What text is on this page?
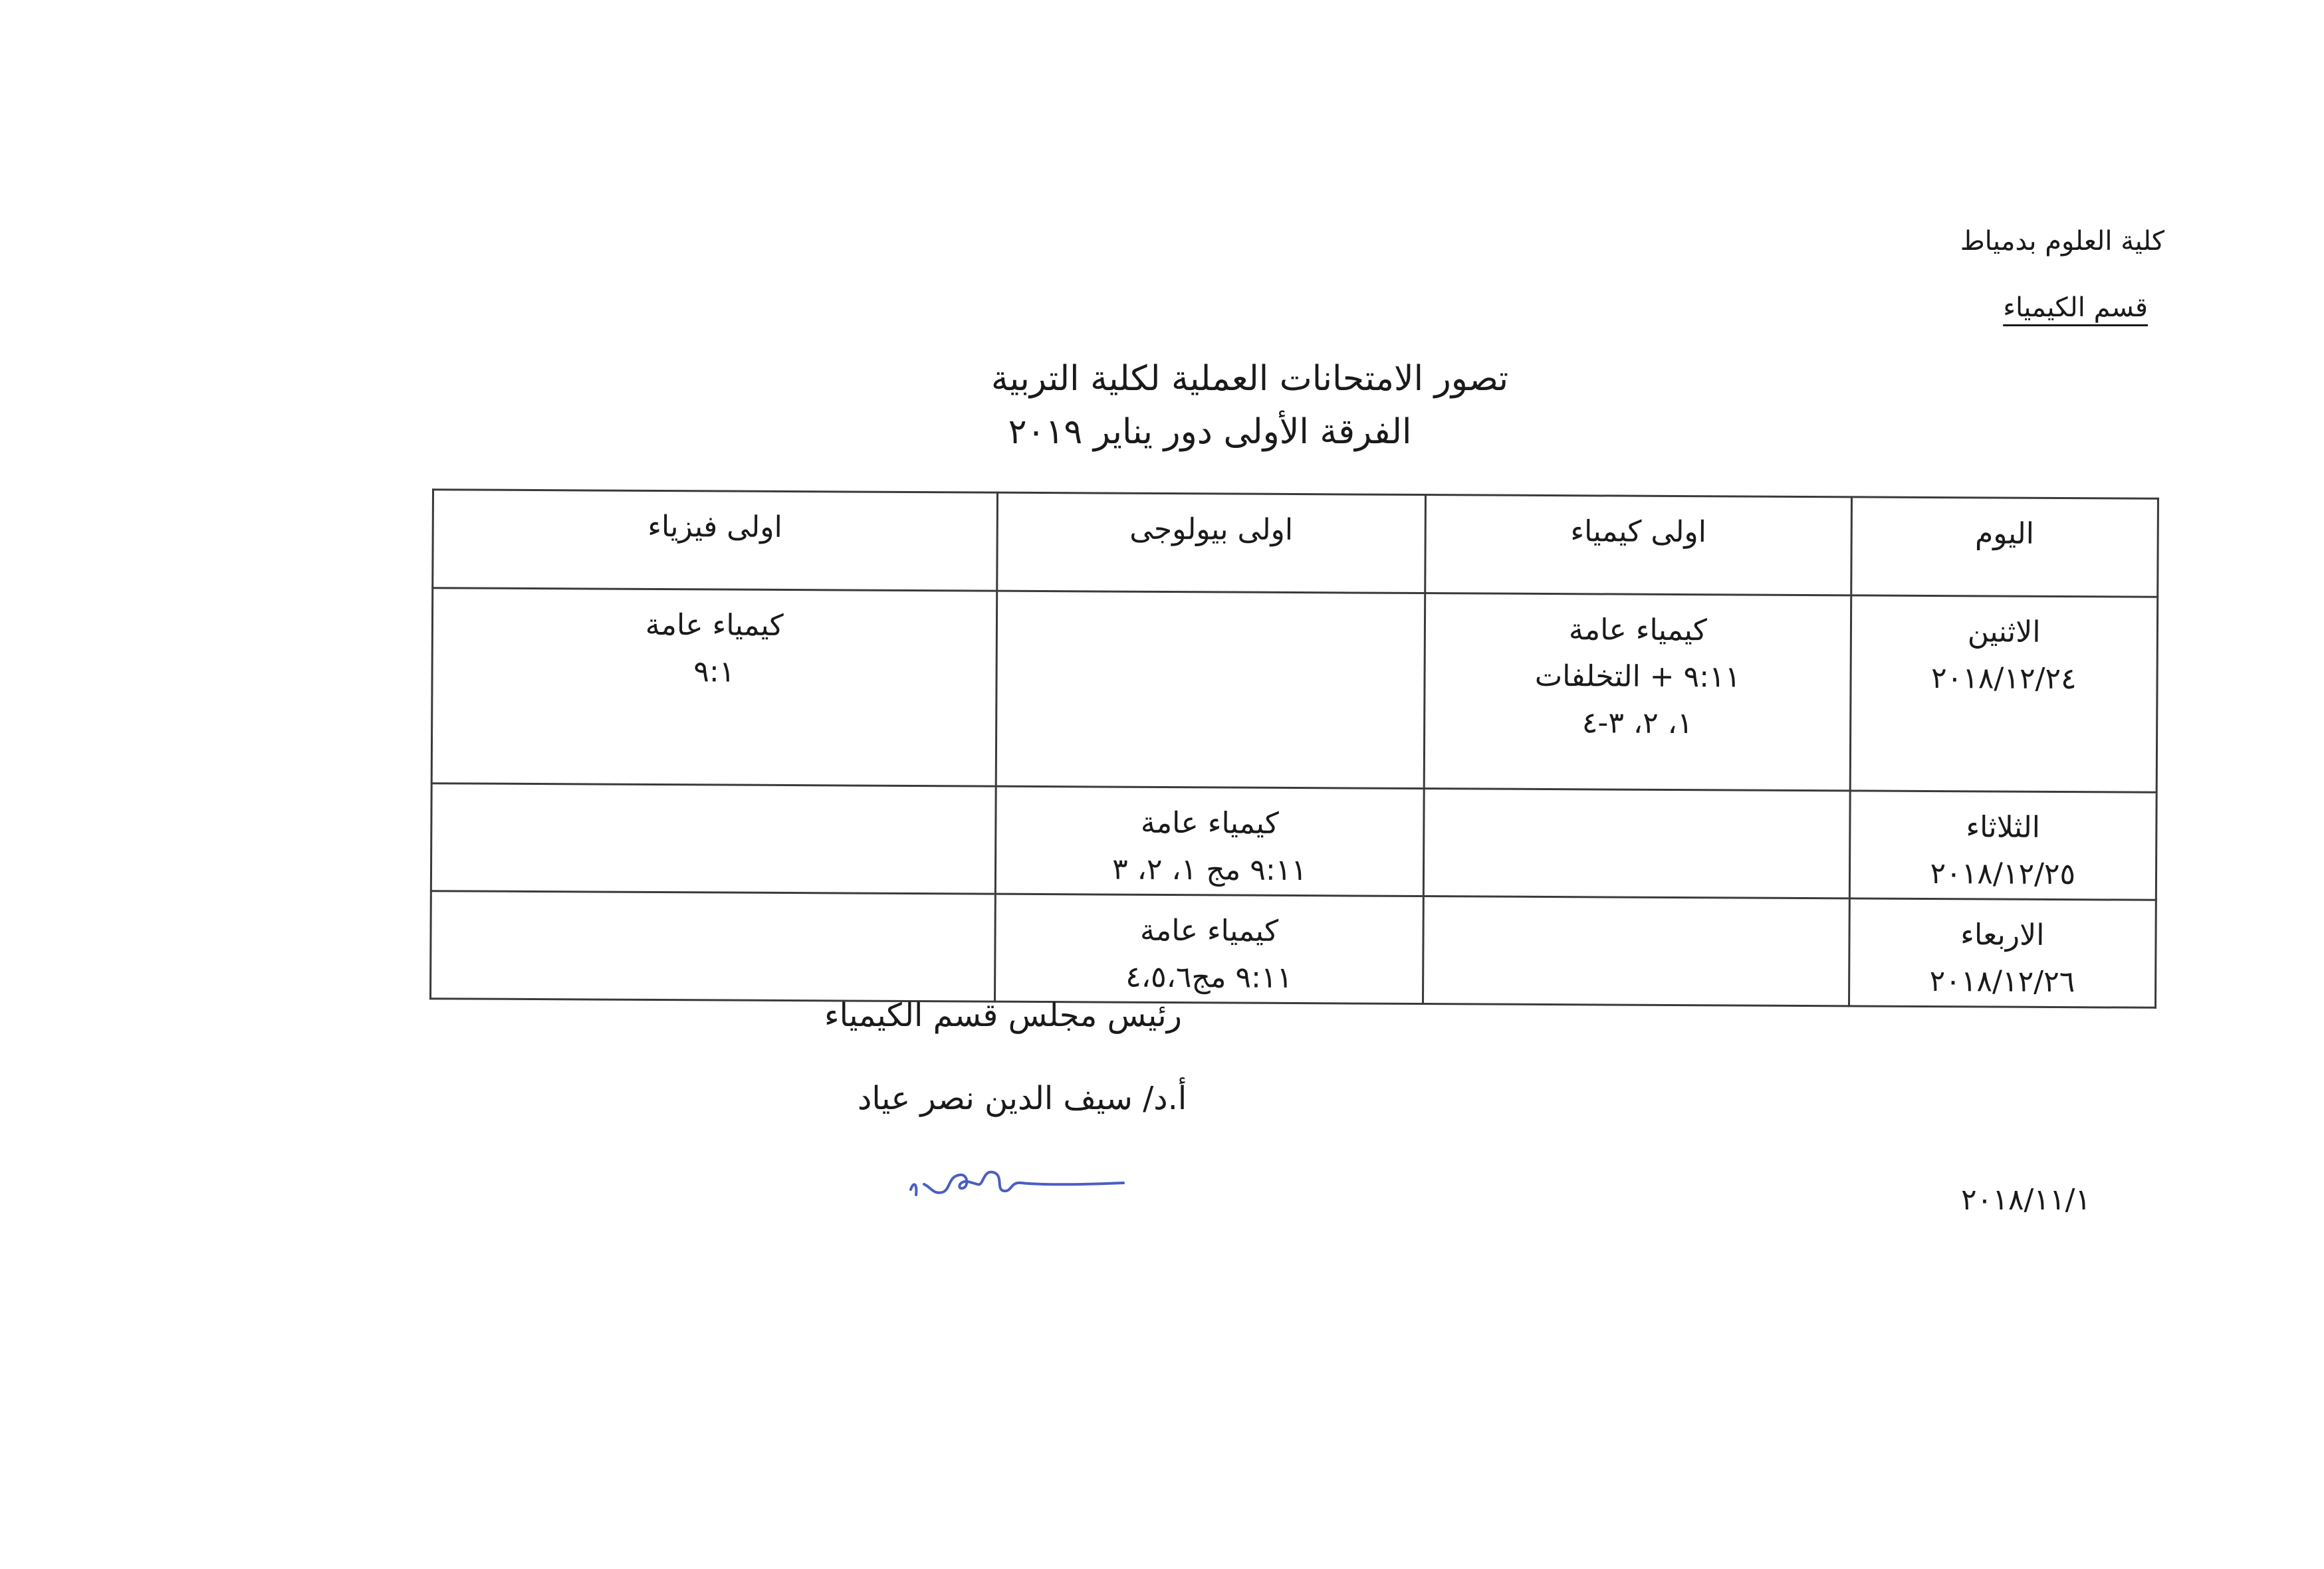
كلية العلوم بدمياط
قسم الكيمياء
تصور الامتحانات العملية لكلية التربية
الفرقة الأولى دور يناير ٢٠١٩
اليوم	اولى كيمياء	اولى بيولوجى	اولى فيزياء

الاثنين
٢٠١٨/١٢/٢٤	كيمياء عامة
٩:١١ + التخلفات
١، ٢، ٣-٤		كيمياء عامة
٩:١

الثلاثاء
٢٠١٨/١٢/٢٥		كيمياء عامة
٩:١١ مج ١، ٢، ٣	

الاربعاء
٢٠١٨/١٢/٢٦		كيمياء عامة
٩:١١ مج٤،٥،٦	

رئيس مجلس قسم الكيمياء
أ.د/ سيف الدين نصر عياد
٢٠١٨/١١/١
